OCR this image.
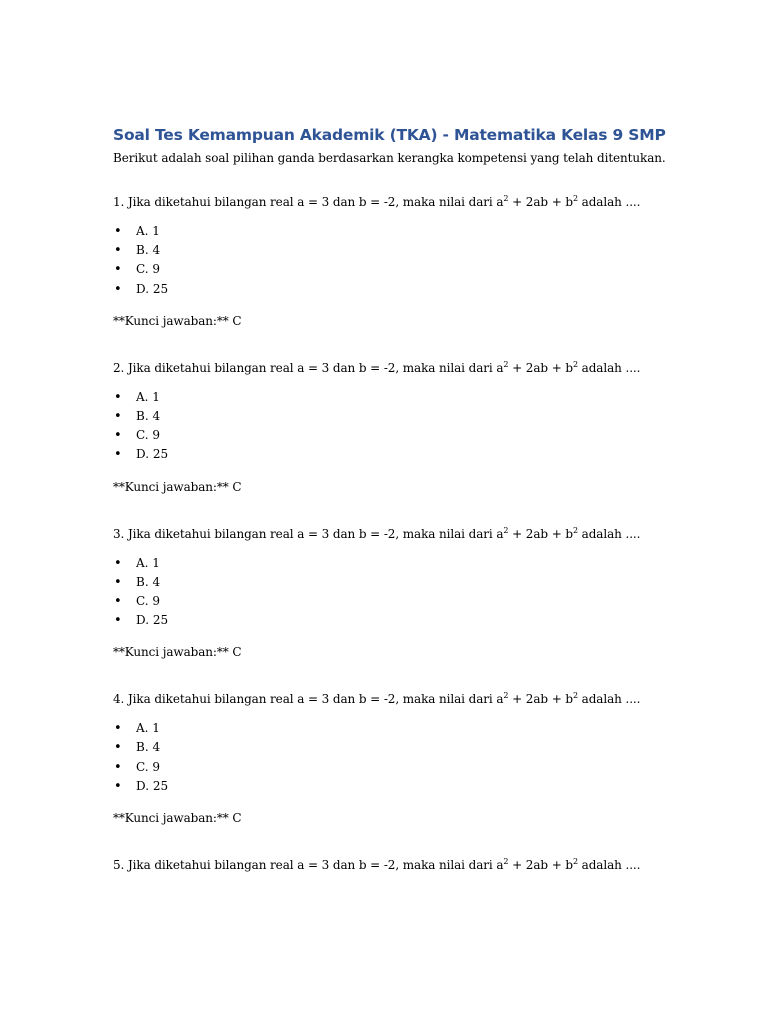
Soal Tes Kemampuan Akademik (TKA) - Matematika Kelas 9 SMP

Berikut adalah soal pilihan ganda berdasarkan kerangka kompetensi yang telah ditentukan.

1. Jika diketahui bilangan real a = 3 dan b = -2, maka nilai dari $a^2 + 2ab + b^2$ adalah ....

• A. 1
• B. 4
• C. 9
• D. 25

**Kunci jawaban:** C

2. Jika diketahui bilangan real a = 3 dan b = -2, maka nilai dari $a^2 + 2ab + b^2$ adalah ....

• A. 1
• B. 4
• C. 9
• D. 25

**Kunci jawaban:** C

3. Jika diketahui bilangan real a = 3 dan b = -2, maka nilai dari $a^2 + 2ab + b^2$ adalah ....

• A. 1
• B. 4
• C. 9
• D. 25

**Kunci jawaban:** C

4. Jika diketahui bilangan real a = 3 dan b = -2, maka nilai dari $a^2 + 2ab + b^2$ adalah ....

• A. 1
• B. 4
• C. 9
• D. 25

**Kunci jawaban:** C

5. Jika diketahui bilangan real a = 3 dan b = -2, maka nilai dari $a^2 + 2ab + b^2$ adalah ....
